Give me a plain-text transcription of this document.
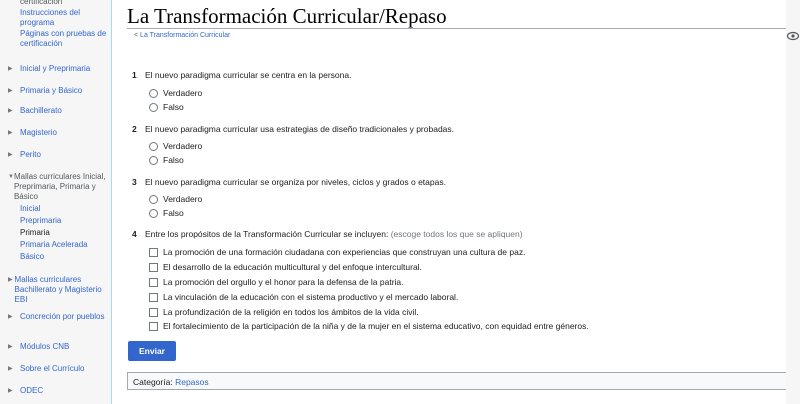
certificación
Instrucciones del programa
Páginas con pruebas de certificación
▶ Inicial y Preprimaria
▶ Primaria y Básico
▶ Bachillerato
▶ Magisterio
▶ Perito
▼ Mallas curriculares Inicial, Preprimaria, Primaria y Básico
Inicial
Preprimaria
Primaria
Primaria Acelerada
Básico
▶ Mallas curriculares Bachillerato y Magisterio EBI
▶ Concreción por pueblos
▶ Módulos CNB
▶ Sobre el Currículo
▶ ODEC
La Transformación Curricular/Repaso
< La Transformación Curricular
1 El nuevo paradigma curricular se centra en la persona.
Verdadero
Falso
2 El nuevo paradigma curricular usa estrategias de diseño tradicionales y probadas.
Verdadero
Falso
3 El nuevo paradigma curricular se organiza por niveles, ciclos y grados o etapas.
Verdadero
Falso
4 Entre los propósitos de la Transformación Curricular se incluyen:
(escoge todos los que se apliquen)
La promoción de una formación ciudadana con experiencias que construyan una cultura de paz.
El desarrollo de la educación multicultural y del enfoque intercultural.
La promoción del orgullo y el honor para la defensa de la patria.
La vinculación de la educación con el sistema productivo y el mercado laboral.
La profundización de la religión en todos los ámbitos de la vida civil.
El fortalecimiento de la participación de la niña y de la mujer en el sistema educativo, con equidad entre géneros.
Enviar
Categoría: Repasos
